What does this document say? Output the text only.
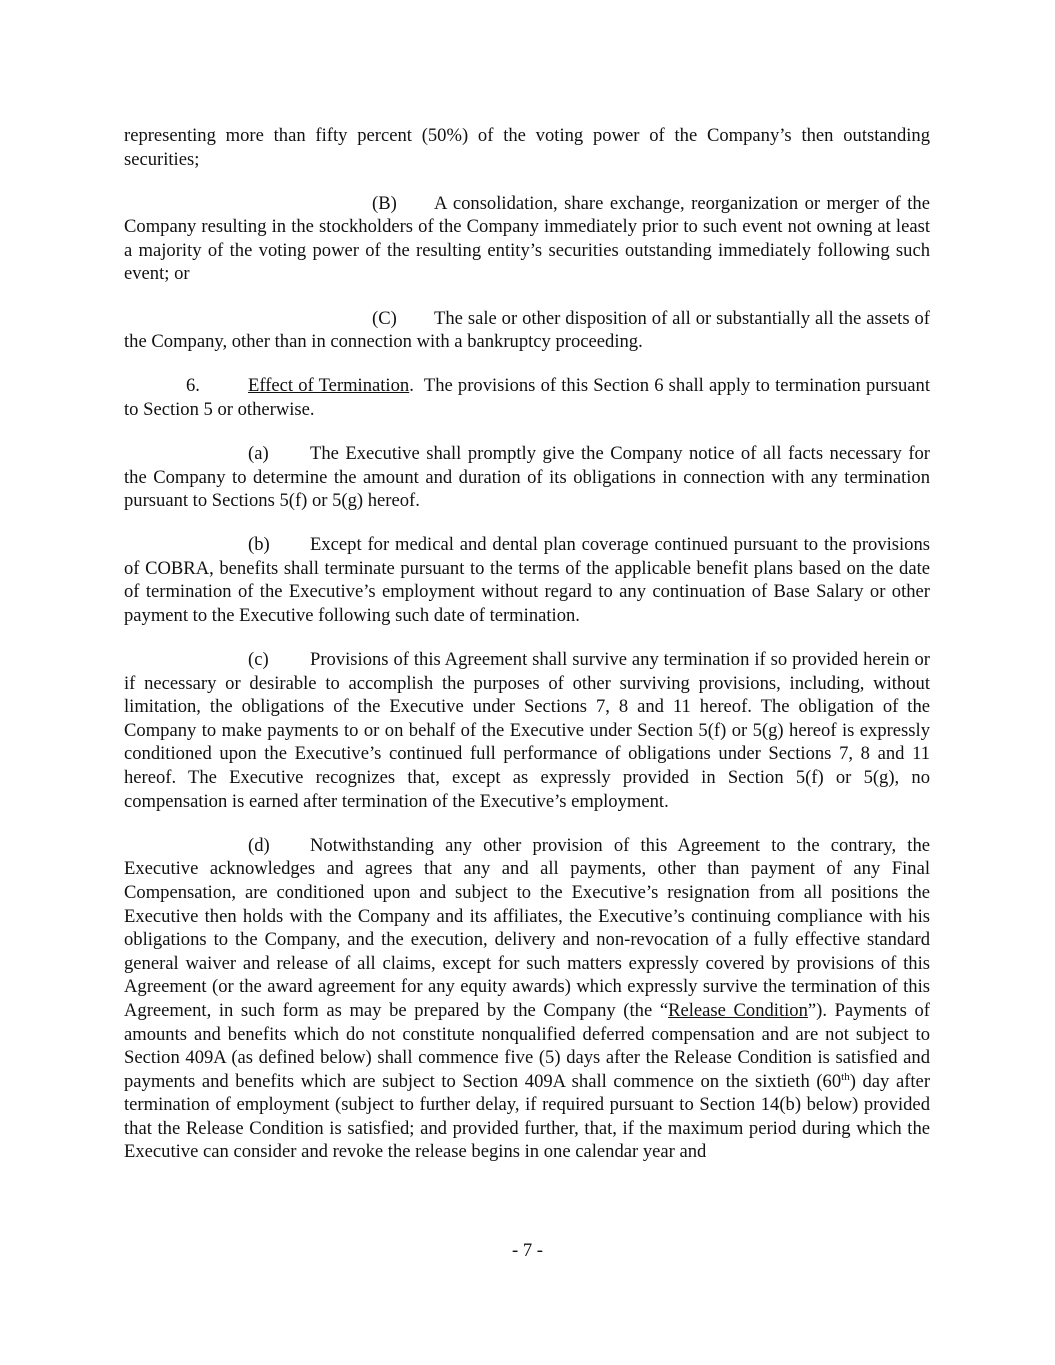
representing more than fifty percent (50%) of the voting power of the Company’s then outstanding securities;

(B) A consolidation, share exchange, reorganization or merger of the Company resulting in the stockholders of the Company immediately prior to such event not owning at least a majority of the voting power of the resulting entity’s securities outstanding immediately following such event; or

(C) The sale or other disposition of all or substantially all the assets of the Company, other than in connection with a bankruptcy proceeding.

6.	Effect of Termination. The provisions of this Section 6 shall apply to termination pursuant to Section 5 or otherwise.

(a) The Executive shall promptly give the Company notice of all facts necessary for the Company to determine the amount and duration of its obligations in connection with any termination pursuant to Sections 5(f) or 5(g) hereof.

(b) Except for medical and dental plan coverage continued pursuant to the provisions of COBRA, benefits shall terminate pursuant to the terms of the applicable benefit plans based on the date of termination of the Executive’s employment without regard to any continuation of Base Salary or other payment to the Executive following such date of termination.

(c) Provisions of this Agreement shall survive any termination if so provided herein or if necessary or desirable to accomplish the purposes of other surviving provisions, including, without limitation, the obligations of the Executive under Sections 7, 8 and 11 hereof. The obligation of the Company to make payments to or on behalf of the Executive under Section 5(f) or 5(g) hereof is expressly conditioned upon the Executive’s continued full performance of obligations under Sections 7, 8 and 11 hereof. The Executive recognizes that, except as expressly provided in Section 5(f) or 5(g), no compensation is earned after termination of the Executive’s employment.

(d) Notwithstanding any other provision of this Agreement to the contrary, the Executive acknowledges and agrees that any and all payments, other than payment of any Final Compensation, are conditioned upon and subject to the Executive’s resignation from all positions the Executive then holds with the Company and its affiliates, the Executive’s continuing compliance with his obligations to the Company, and the execution, delivery and non-revocation of a fully effective standard general waiver and release of all claims, except for such matters expressly covered by provisions of this Agreement (or the award agreement for any equity awards) which expressly survive the termination of this Agreement, in such form as may be prepared by the Company (the “Release Condition”). Payments of amounts and benefits which do not constitute nonqualified deferred compensation and are not subject to Section 409A (as defined below) shall commence five (5) days after the Release Condition is satisfied and payments and benefits which are subject to Section 409A shall commence on the sixtieth (60th) day after termination of employment (subject to further delay, if required pursuant to Section 14(b) below) provided that the Release Condition is satisfied; and provided further, that, if the maximum period during which the Executive can consider and revoke the release begins in one calendar year and

- 7 -
